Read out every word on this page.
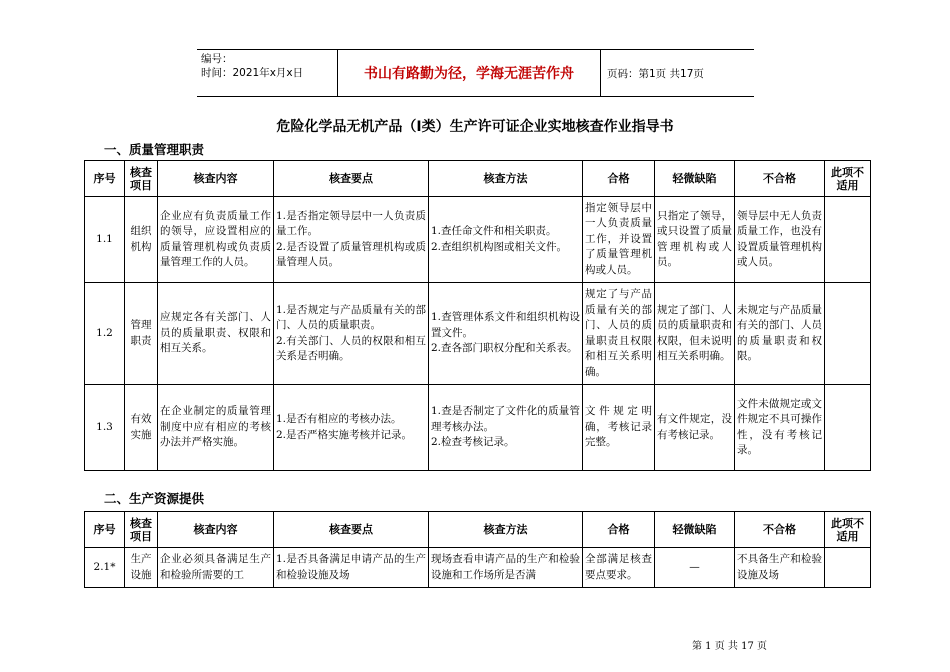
编号：
时间：2021年x月x日	书山有路勤为径，学海无涯苦作舟	页码：第1页 共17页
危险化学品无机产品（Ⅰ类）生产许可证企业实地核查作业指导书
一、质量管理职责
序号	核查项目	核查内容	核查要点	核查方法	合格	轻微缺陷	不合格	此项不适用
1.1	组织机构	企业应有负责质量工作的领导，应设置相应的质量管理机构或负责质量管理工作的人员。	1.是否指定领导层中一人负责质量工作。
2.是否设置了质量管理机构或质量管理人员。	1.查任命文件和相关职责。
2.查组织机构图或相关文件。	指定领导层中一人负责质量工作，并设置了质量管理机构或人员。	只指定了领导，或只设置了质量管理机构或人员。	领导层中无人负责质量工作，也没有设置质量管理机构或人员。	
1.2	管理职责	应规定各有关部门、人员的质量职责、权限和相互关系。	1.是否规定与产品质量有关的部门、人员的质量职责。
2.有关部门、人员的权限和相互关系是否明确。	1.查管理体系文件和组织机构设置文件。
2.查各部门职权分配和关系表。	规定了与产品质量有关的部门、人员的质量职责且权限和相互关系明确。	规定了部门、人员的质量职责和权限，但未说明相互关系明确。	未规定与产品质量有关的部门、人员的质量职责和权限。	
1.3	有效实施	在企业制定的质量管理制度中应有相应的考核办法并严格实施。	1.是否有相应的考核办法。
2.是否严格实施考核并记录。	1.查是否制定了文件化的质量管理考核办法。
2.检查考核记录。	文件规定明确，考核记录完整。	有文件规定，没有考核记录。	文件未做规定或文件规定不具可操作性，没有考核记录。	
二、生产资源提供
序号	核查项目	核查内容	核查要点	核查方法	合格	轻微缺陷	不合格	此项不适用
2.1*	生产设施	企业必须具备满足生产和检验所需要的工	1.是否具备满足申请产品的生产和检验设施及场	现场查看申请产品的生产和检验设施和工作场所是否满	全部满足核查要点要求。	—	不具备生产和检验设施及场	
第 1 页 共 17 页
